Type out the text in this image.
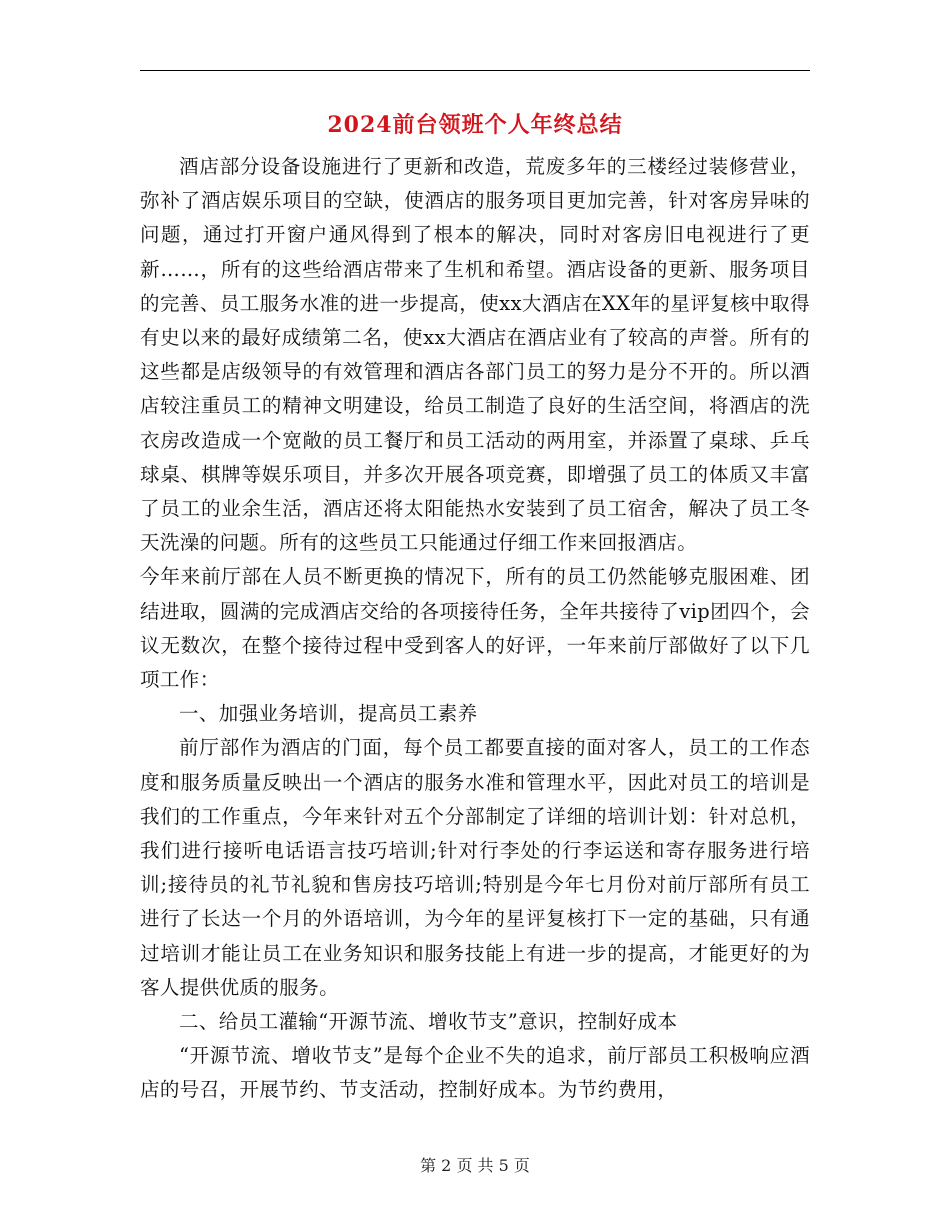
2024前台领班个人年终总结

酒店部分设备设施进行了更新和改造，荒废多年的三楼经过装修营业，弥补了酒店娱乐项目的空缺，使酒店的服务项目更加完善，针对客房异味的问题，通过打开窗户通风得到了根本的解决，同时对客房旧电视进行了更新……，所有的这些给酒店带来了生机和希望。酒店设备的更新、服务项目的完善、员工服务水准的进一步提高，使xx大酒店在XX年的星评复核中取得有史以来的最好成绩第二名，使xx大酒店在酒店业有了较高的声誉。所有的这些都是店级领导的有效管理和酒店各部门员工的努力是分不开的。所以酒店较注重员工的精神文明建设，给员工制造了良好的生活空间，将酒店的洗衣房改造成一个宽敞的员工餐厅和员工活动的两用室，并添置了桌球、乒乓球桌、棋牌等娱乐项目，并多次开展各项竞赛，即增强了员工的体质又丰富了员工的业余生活，酒店还将太阳能热水安装到了员工宿舍，解决了员工冬天洗澡的问题。所有的这些员工只能通过仔细工作来回报酒店。

今年来前厅部在人员不断更换的情况下，所有的员工仍然能够克服困难、团结进取，圆满的完成酒店交给的各项接待任务，全年共接待了vip团四个，会议无数次，在整个接待过程中受到客人的好评，一年来前厅部做好了以下几项工作：

一、加强业务培训，提高员工素养

前厅部作为酒店的门面，每个员工都要直接的面对客人，员工的工作态度和服务质量反映出一个酒店的服务水准和管理水平，因此对员工的培训是我们的工作重点，今年来针对五个分部制定了详细的培训计划：针对总机，我们进行接听电话语言技巧培训;针对行李处的行李运送和寄存服务进行培训;接待员的礼节礼貌和售房技巧培训;特别是今年七月份对前厅部所有员工进行了长达一个月的外语培训，为今年的星评复核打下一定的基础，只有通过培训才能让员工在业务知识和服务技能上有进一步的提高，才能更好的为客人提供优质的服务。

二、给员工灌输“开源节流、增收节支”意识，控制好成本

“开源节流、增收节支”是每个企业不失的追求，前厅部员工积极响应酒店的号召，开展节约、节支活动，控制好成本。为节约费用，

第 2 页 共 5 页
